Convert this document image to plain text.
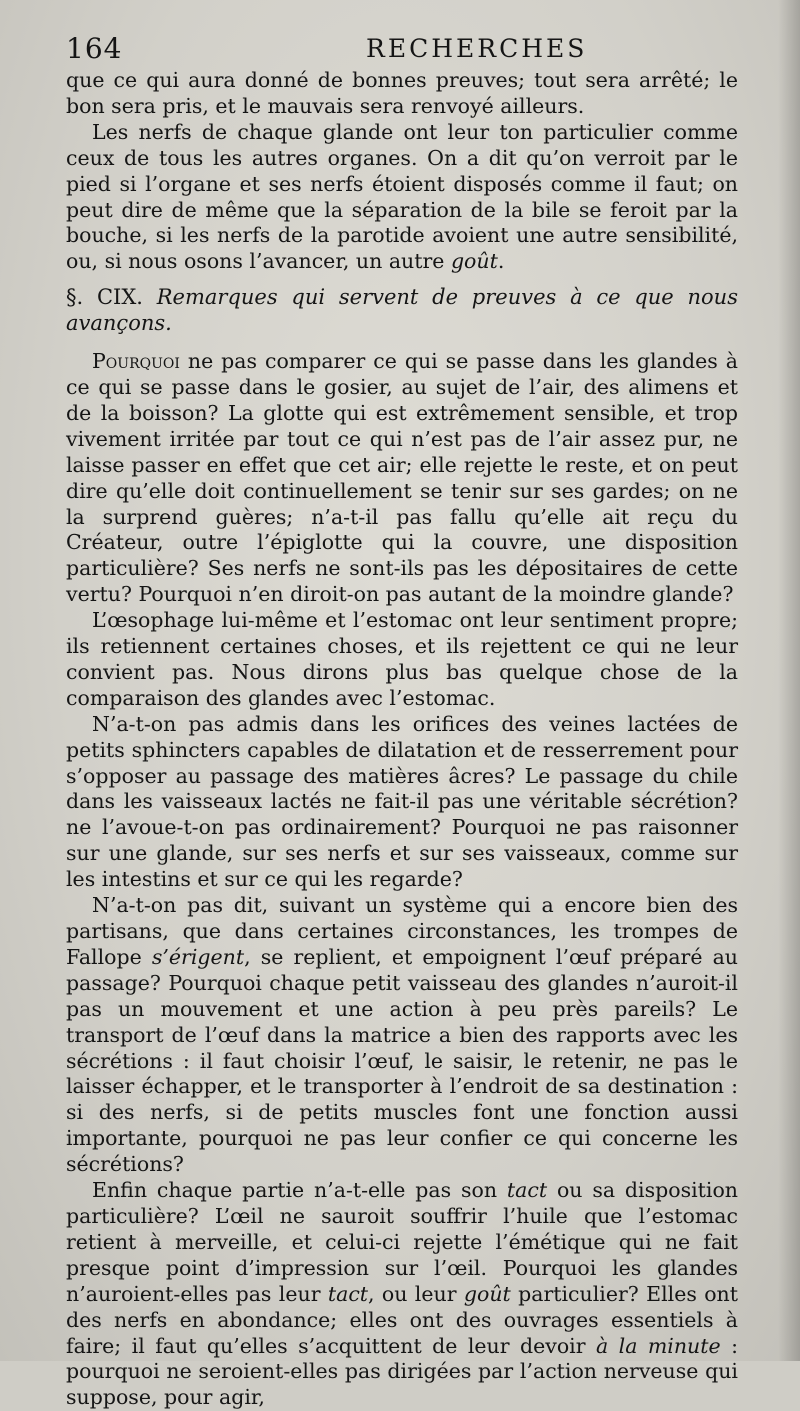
164	RECHERCHES

que ce qui aura donné de bonnes preuves; tout sera arrêté; le bon sera pris, et le mauvais sera renvoyé ailleurs.

Les nerfs de chaque glande ont leur ton particulier comme ceux de tous les autres organes. On a dit qu’on verroit par le pied si l’organe et ses nerfs étoient disposés comme il faut; on peut dire de même que la séparation de la bile se feroit par la bouche, si les nerfs de la parotide avoient une autre sensibilité, ou, si nous osons l’avancer, un autre goût.

§. CIX. Remarques qui servent de preuves à ce que nous avançons.

Pourquoi ne pas comparer ce qui se passe dans les glandes à ce qui se passe dans le gosier, au sujet de l’air, des alimens et de la boisson? La glotte qui est extrêmement sensible, et trop vivement irritée par tout ce qui n’est pas de l’air assez pur, ne laisse passer en effet que cet air; elle rejette le reste, et on peut dire qu’elle doit continuellement se tenir sur ses gardes; on ne la surprend guères; n’a-t-il pas fallu qu’elle ait reçu du Créateur, outre l’épiglotte qui la couvre, une disposition particulière? Ses nerfs ne sont-ils pas les dépositaires de cette vertu? Pourquoi n’en diroit-on pas autant de la moindre glande?

L’œsophage lui-même et l’estomac ont leur sentiment propre; ils retiennent certaines choses, et ils rejettent ce qui ne leur convient pas. Nous dirons plus bas quelque chose de la comparaison des glandes avec l’estomac.

N’a-t-on pas admis dans les orifices des veines lactées de petits sphincters capables de dilatation et de resserrement pour s’opposer au passage des matières âcres? Le passage du chile dans les vaisseaux lactés ne fait-il pas une véritable sécrétion? ne l’avoue-t-on pas ordinairement? Pourquoi ne pas raisonner sur une glande, sur ses nerfs et sur ses vaisseaux, comme sur les intestins et sur ce qui les regarde?

N’a-t-on pas dit, suivant un système qui a encore bien des partisans, que dans certaines circonstances, les trompes de Fallope s’érigent, se replient, et empoignent l’œuf préparé au passage? Pourquoi chaque petit vaisseau des glandes n’auroit-il pas un mouvement et une action à peu près pareils? Le transport de l’œuf dans la matrice a bien des rapports avec les sécrétions : il faut choisir l’œuf, le saisir, le retenir, ne pas le laisser échapper, et le transporter à l’endroit de sa destination : si des nerfs, si de petits muscles font une fonction aussi importante, pourquoi ne pas leur confier ce qui concerne les sécrétions?

Enfin chaque partie n’a-t-elle pas son tact ou sa disposition particulière? L’œil ne sauroit souffrir l’huile que l’estomac retient à merveille, et celui-ci rejette l’émétique qui ne fait presque point d’impression sur l’œil. Pourquoi les glandes n’auroient-elles pas leur tact, ou leur goût particulier? Elles ont des nerfs en abondance; elles ont des ouvrages essentiels à faire; il faut qu’elles s’acquittent de leur devoir à la minute : pourquoi ne seroient-elles pas dirigées par l’action nerveuse qui suppose, pour agir,
